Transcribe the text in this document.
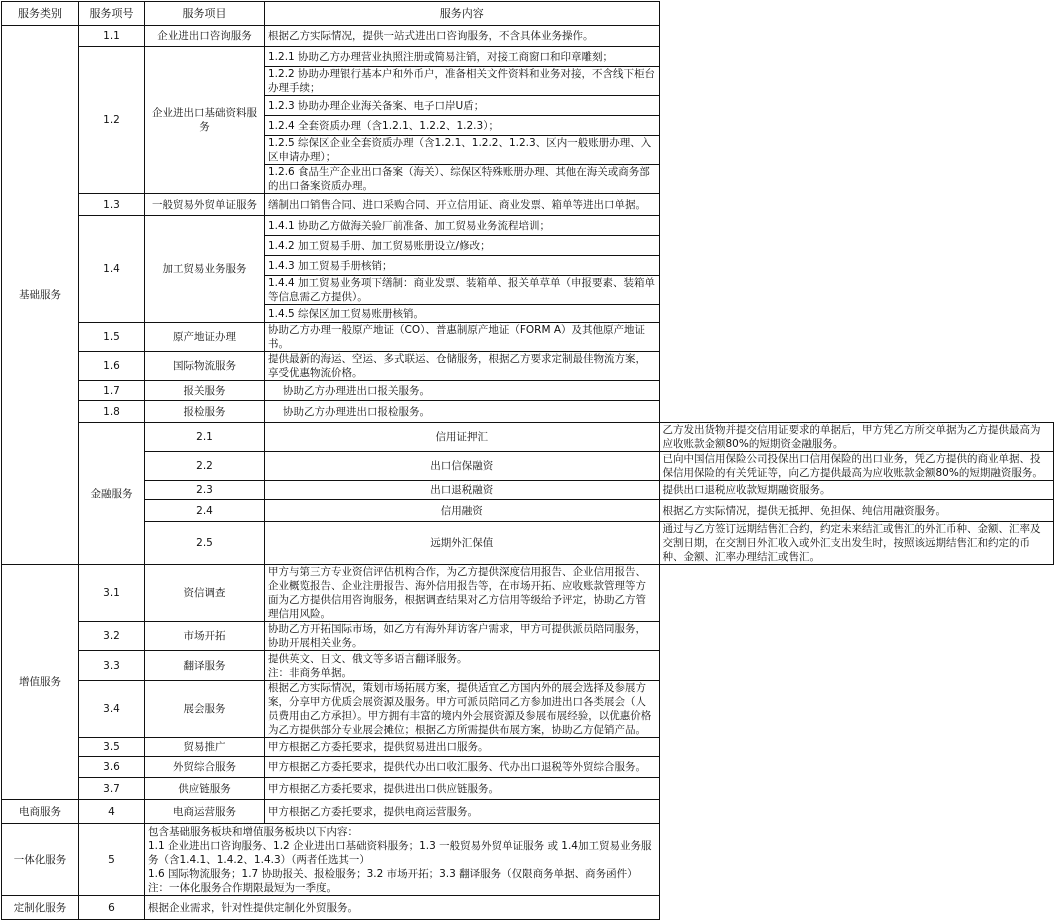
服务类别	服务项号	服务项目	服务内容	
基础服务	1.1	企业进出口咨询服务	根据乙方实际情况，提供一站式进出口咨询服务，不含具体业务操作。	
	1.2	企业进出口基础资料服务	1.2.1 协助乙方办理营业执照注册或简易注销，对接工商窗口和印章雕刻；	
			1.2.2 协助办理银行基本户和外币户，准备相关文件资料和业务对接，不含线下柜台办理手续；	
			1.2.3 协助办理企业海关备案、电子口岸U盾；	
			1.2.4 全套资质办理（含1.2.1、1.2.2、1.2.3）；	
			1.2.5 综保区企业全套资质办理（含1.2.1、1.2.2、1.2.3、区内一般账册办理、入区申请办理）；	
			1.2.6 食品生产企业出口备案（海关）、综保区特殊账册办理、其他在海关或商务部的出口备案资质办理。	
	1.3	一般贸易外贸单证服务	缮制出口销售合同、进口采购合同、开立信用证、商业发票、箱单等进出口单据。	
	1.4	加工贸易业务服务	1.4.1 协助乙方做海关验厂前准备、加工贸易业务流程培训；	
			1.4.2 加工贸易手册、加工贸易账册设立/修改；	
			1.4.3 加工贸易手册核销；	
			1.4.4 加工贸易业务项下缮制：商业发票、装箱单、报关单草单（申报要素、装箱单等信息需乙方提供）。	
			1.4.5 综保区加工贸易账册核销。	
	1.5	原产地证办理	协助乙方办理一般原产地证（CO）、普惠制原产地证（FORM A）及其他原产地证书。	
	1.6	国际物流服务	提供最新的海运、空运、多式联运、仓储服务，根据乙方要求定制最佳物流方案，享受优惠物流价格。	
	1.7	报关服务	协助乙方办理进出口报关服务。	
	1.8	报检服务	协助乙方办理进出口报检服务。	
	金融服务	2.1	信用证押汇	乙方发出货物并提交信用证要求的单据后，甲方凭乙方所交单据为乙方提供最高为应收账款金额80%的短期资金融服务。
		2.2	出口信保融资	已向中国信用保险公司投保出口信用保险的出口业务，凭乙方提供的商业单据、投保信用保险的有关凭证等，向乙方提供最高为应收账款金额80%的短期融资服务。
		2.3	出口退税融资	提供出口退税应收款短期融资服务。
		2.4	信用融资	根据乙方实际情况，提供无抵押、免担保、纯信用融资服务。
		2.5	远期外汇保值	通过与乙方签订远期结售汇合约，约定未来结汇或售汇的外汇币种、金额、汇率及交割日期，在交割日外汇收入或外汇支出发生时，按照该远期结售汇和约定的币种、金额、汇率办理结汇或售汇。
增值服务	3.1	资信调查	甲方与第三方专业资信评估机构合作，为乙方提供深度信用报告、企业信用报告、企业概览报告、企业注册报告、海外信用报告等，在市场开拓、应收账款管理等方面为乙方提供信用咨询服务，根据调查结果对乙方信用等级给予评定，协助乙方管理信用风险。	
	3.2	市场开拓	协助乙方开拓国际市场，如乙方有海外拜访客户需求，甲方可提供派员陪同服务，协助开展相关业务。	
	3.3	翻译服务	提供英文、日文、俄文等多语言翻译服务。
注：非商务单据。	

	3.4	展会服务	根据乙方实际情况，策划市场拓展方案，提供适宜乙方国内外的展会选择及参展方案，分享甲方优质会展资源及服务。甲方可派员陪同乙方参加进出口各类展会（人员费用由乙方承担）。甲方拥有丰富的境内外会展资源及参展布展经验，以优惠价格为乙方提供部分专业展会摊位；根据乙方所需提供布展方案，协助乙方促销产品。	
	3.5	贸易推广	甲方根据乙方委托要求，提供贸易进出口服务。	
	3.6	外贸综合服务	甲方根据乙方委托要求，提供代办出口收汇服务、代办出口退税等外贸综合服务。	
	3.7	供应链服务	甲方根据乙方委托要求，提供进出口供应链服务。	
电商服务	4	电商运营服务	甲方根据乙方委托要求，提供电商运营服务。	
一体化服务	5	包含基础服务板块和增值服务板块以下内容：
1.1 企业进出口咨询服务、1.2 企业进出口基础资料服务；1.3 一般贸易外贸单证服务 或 1.4加工贸易业务服务（含1.4.1、1.4.2、1.4.3）（两者任选其一）
1.6 国际物流服务；1.7 协助报关、报检服务；3.2 市场开拓；3.3 翻译服务（仅限商务单据、商务函件）
注：一体化服务合作期限最短为一季度。		

定制化服务	6	根据企业需求，针对性提供定制化外贸服务。		
